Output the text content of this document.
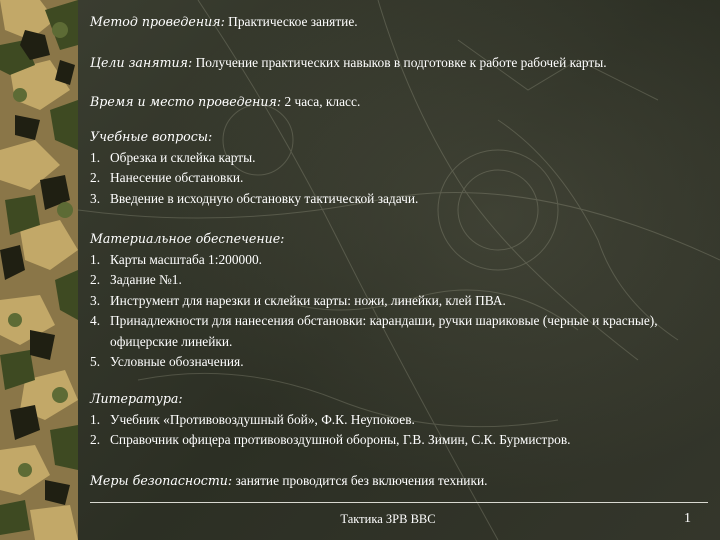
Метод проведения: Практическое занятие.
Цели занятия: Получение практических навыков в подготовке к работе рабочей карты.
Время и место проведения: 2 часа, класс.
Учебные вопросы:
1. Обрезка и склейка карты.
2. Нанесение обстановки.
3. Введение в исходную обстановку тактической задачи.
Материальное обеспечение:
1. Карты масштаба 1:200000.
2. Задание №1.
3. Инструмент для нарезки и склейки карты: ножи, линейки, клей ПВА.
4. Принадлежности для нанесения обстановки: карандаши, ручки шариковые (черные и красные), офицерские линейки.
5. Условные обозначения.
Литература:
1. Учебник «Противовоздушный бой», Ф.К. Неупокоев.
2. Справочник офицера противовоздушной обороны, Г.В. Зимин, С.К. Бурмистров.
Меры безопасности: занятие проводится без включения техники.
Тактика ЗРВ ВВС	1
